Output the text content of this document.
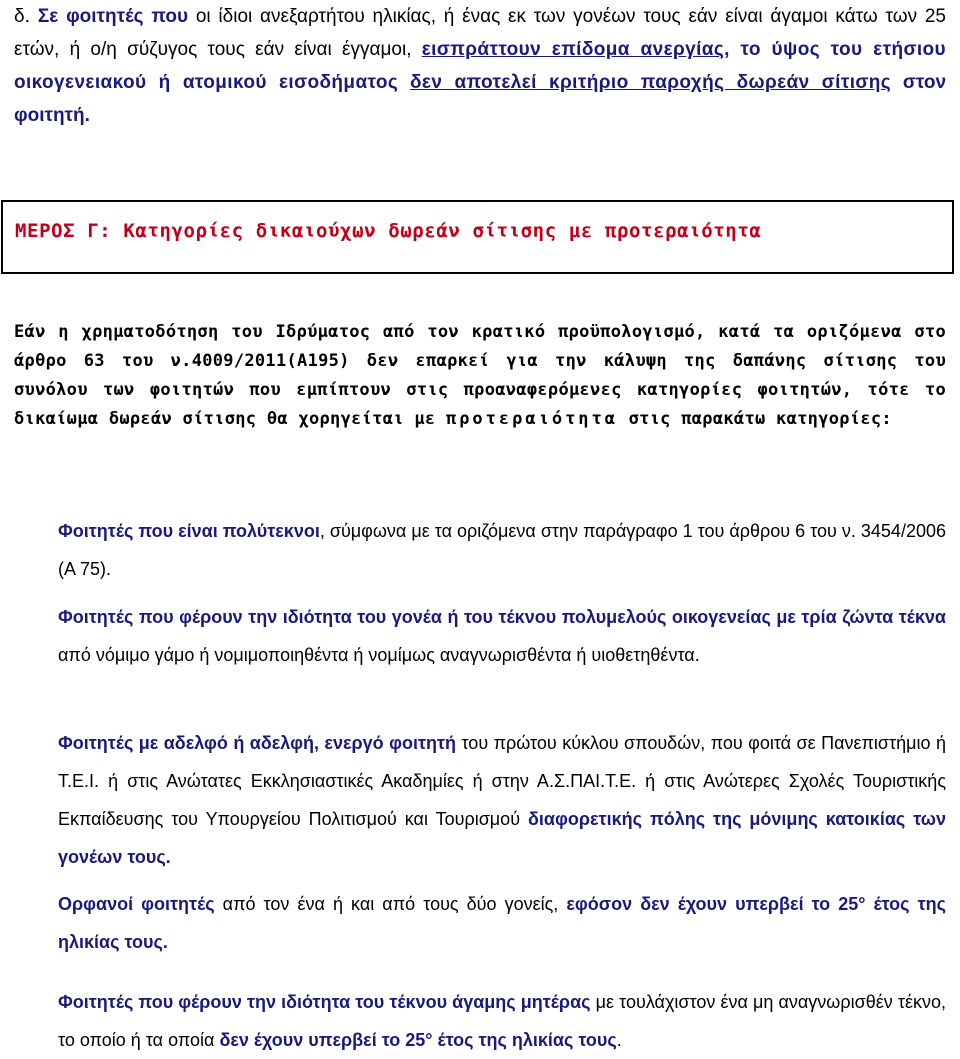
δ. Σε φοιτητές που οι ίδιοι ανεξαρτήτου ηλικίας, ή ένας εκ των γονέων τους εάν είναι άγαμοι κάτω των 25 ετών, ή ο/η σύζυγος τους εάν είναι έγγαμοι, εισπράττουν επίδομα ανεργίας, το ύψος του ετήσιου οικογενειακού ή ατομικού εισοδήματος δεν αποτελεί κριτήριο παροχής δωρεάν σίτισης στον φοιτητή.

ΜΕΡΟΣ Γ: Κατηγορίες δικαιούχων δωρεάν σίτισης με προτεραιότητα

Εάν η χρηματοδότηση του Ιδρύματος από τον κρατικό προϋπολογισμό, κατά τα οριζόμενα στο άρθρο 63 του ν.4009/2011(Α195) δεν επαρκεί για την κάλυψη της δαπάνης σίτισης του συνόλου των φοιτητών που εμπίπτουν στις προαναφερόμενες κατηγορίες φοιτητών, τότε το δικαίωμα δωρεάν σίτισης θα χορηγείται με προτεραιότητα στις παρακάτω κατηγορίες:

Φοιτητές που είναι πολύτεκνοι, σύμφωνα με τα οριζόμενα στην παράγραφο 1 του άρθρου 6 του ν. 3454/2006 (Α 75).
Φοιτητές που φέρουν την ιδιότητα του γονέα ή του τέκνου πολυμελούς οικογενείας με τρία ζώντα τέκνα από νόμιμο γάμο ή νομιμοποιηθέντα ή νομίμως αναγνωρισθέντα ή υιοθετηθέντα.
Φοιτητές με αδελφό ή αδελφή, ενεργό φοιτητή του πρώτου κύκλου σπουδών, που φοιτά σε Πανεπιστήμιο ή Τ.Ε.Ι. ή στις Ανώτατες Εκκλησιαστικές Ακαδημίες ή στην Α.Σ.ΠΑΙ.Τ.Ε. ή στις Ανώτερες Σχολές Τουριστικής Εκπαίδευσης του Υπουργείου Πολιτισμού και Τουρισμού διαφορετικής πόλης της μόνιμης κατοικίας των γονέων τους.
Ορφανοί φοιτητές από τον ένα ή και από τους δύο γονείς, εφόσον δεν έχουν υπερβεί το 25° έτος της ηλικίας τους.
Φοιτητές που φέρουν την ιδιότητα του τέκνου άγαμης μητέρας με τουλάχιστον ένα μη αναγνωρισθέν τέκνο, το οποίο ή τα οποία δεν έχουν υπερβεί το 25° έτος της ηλικίας τους.
